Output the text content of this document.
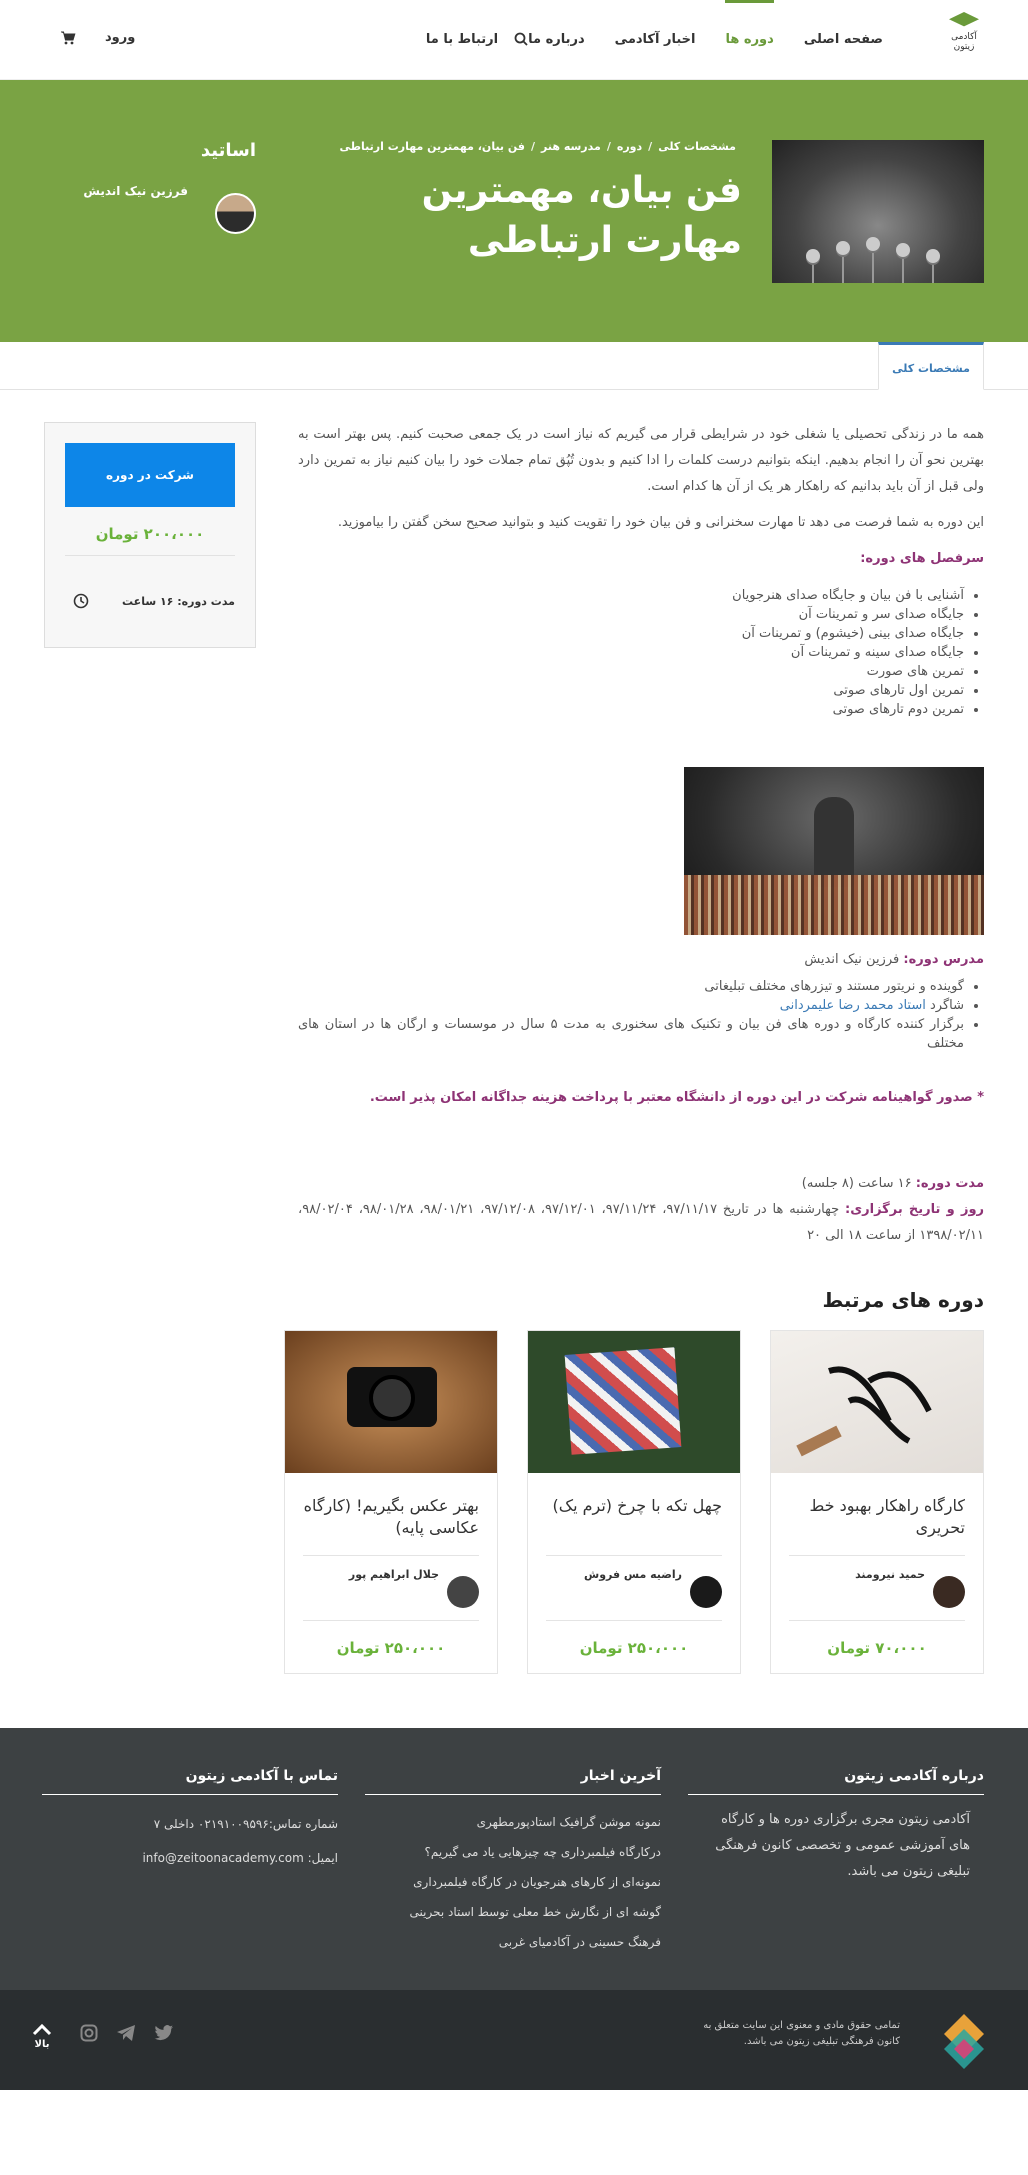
آکادمی زیتون
صفحه اصلی
دوره ها
اخبار آکادمی
درباره ما
ارتباط با ما
ورود
مشخصات کلی
/
دوره
/
مدرسه هنر
/
فن بیان، مهمترین مهارت ارتباطی
فن بیان، مهمترین مهارت ارتباطی
اساتید
فرزین نیک اندیش
مشخصات کلی

همه ما در زندگی تحصیلی یا شغلی خود در شرایطی قرار می گیریم که نیاز است در یک جمعی صحبت کنیم. پس بهتر است به بهترین نحو آن را انجام بدهیم. اینکه بتوانیم درست کلمات را ادا کنیم و بدون تُپُق تمام جملات خود را بیان کنیم نیاز به تمرین دارد ولی قبل از آن باید بدانیم که راهکار هر یک از آن ها کدام است.

این دوره به شما فرصت می دهد تا مهارت سخنرانی و فن بیان خود را تقویت کنید و بتوانید صحیح سخن گفتن را بیاموزید.

سرفصل های دوره:
• آشنایی با فن بیان و جایگاه صدای هنرجویان
• جایگاه صدای سر و تمرینات آن
• جایگاه صدای بینی (خیشوم) و تمرینات آن
• جایگاه صدای سینه و تمرینات آن
• تمرین های صورت
• تمرین اول تارهای صوتی
• تمرین دوم تارهای صوتی
مدرس دوره: فرزین نیک اندیش
• گوینده و نریتور مستند و تیزرهای مختلف تبلیغاتی
• شاگرد استاد محمد رضا علیمردانی
• برگزار کننده کارگاه و دوره های فن بیان و تکنیک های سخنوری به مدت ۵ سال در موسسات و ارگان ها در استان های مختلف
* صدور گواهینامه شرکت در این دوره از دانشگاه معتبر با پرداخت هزینه جداگانه امکان پذیر است.
مدت دوره: ۱۶ ساعت (۸ جلسه)
روز و تاریخ برگزاری: چهارشنبه ها در تاریخ ۹۷/۱۱/۱۷، ۹۷/۱۱/۲۴، ۹۷/۱۲/۰۱، ۹۷/۱۲/۰۸، ۹۸/۰۱/۲۱، ۹۸/۰۱/۲۸، ۹۸/۰۲/۰۴، ۱۳۹۸/۰۲/۱۱ از ساعت ۱۸ الی ۲۰
شرکت در دوره
۲۰۰،۰۰۰ تومان
مدت دوره: ۱۶ ساعت
دوره های مرتبط
کارگاه راهکار بهبود خط تحریری
حمید نیرومند
۷۰،۰۰۰ تومان
چهل تکه با چرخ (ترم یک)
راضیه مس فروش
۲۵۰،۰۰۰ تومان
بهتر عکس بگیریم! (کارگاه عکاسی پایه)
جلال ابراهیم پور
۲۵۰،۰۰۰ تومان
درباره آکادمی زیتون

آکادمی زیتون مجری برگزاری دوره ها و کارگاه های آموزشی عمومی و تخصصی کانون فرهنگی تبلیغی زیتون می باشد.

آخرین اخبار
نمونه موشن گرافیک استادپورمطهری
درکارگاه فیلمبرداری چه چیزهایی یاد می گیریم؟
نمونه‌ای از کارهای هنرجویان در کارگاه فیلمبرداری
گوشه ای از نگارش خط معلی توسط استاد بحرینی
فرهنگ حسینی در آکادمیای غربی
تماس با آکادمی زیتون
شماره تماس:۰۲۱۹۱۰۰۹۵۹۶ داخلی ۷
ایمیل: info@zeitoonacademy.com
تمامی حقوق مادی و معنوی این سایت متعلق به کانون فرهنگی تبلیغی زیتون می باشد.
بالا
